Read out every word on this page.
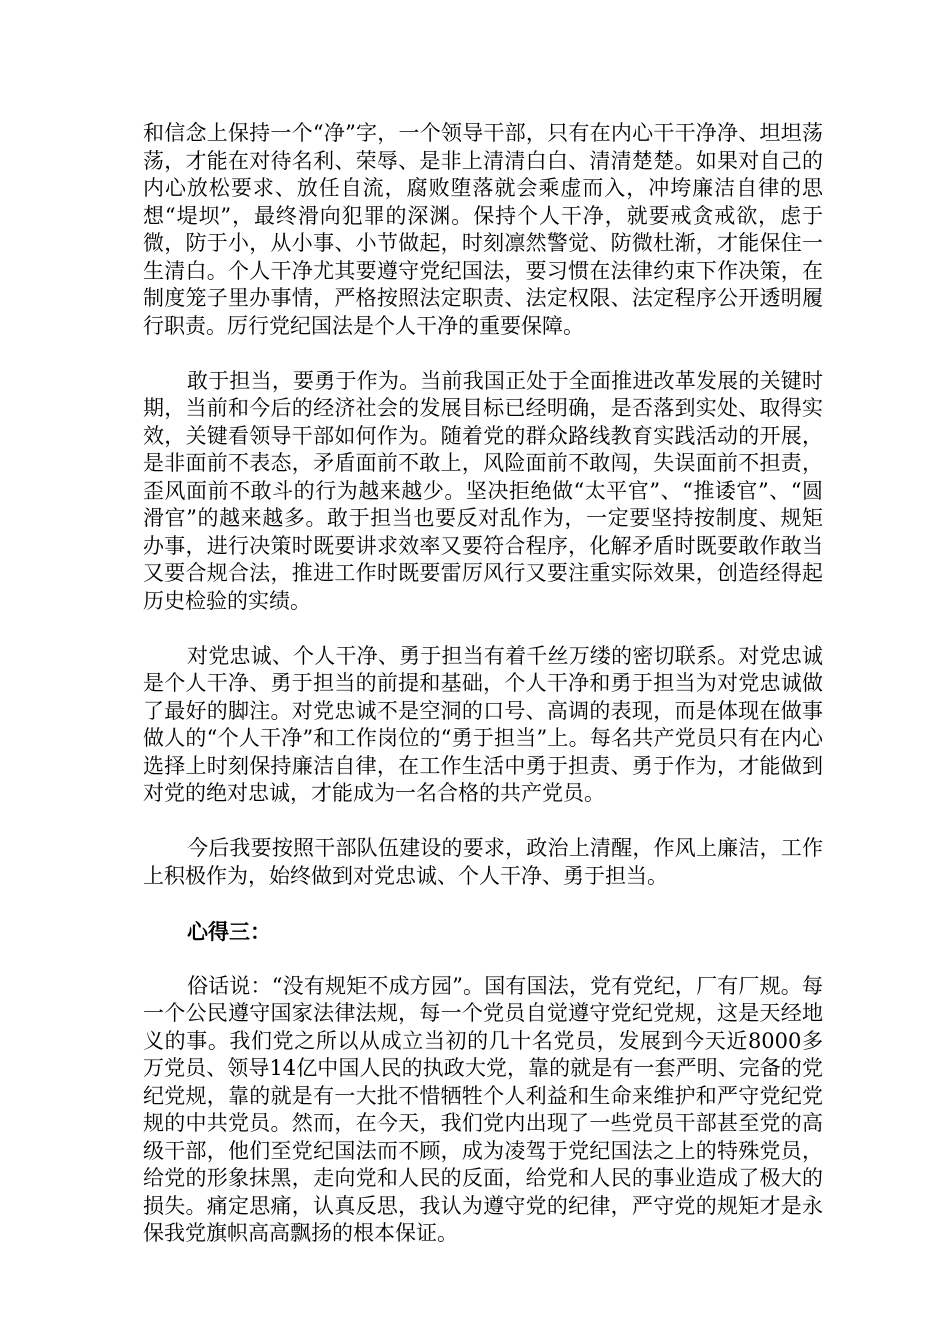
和信念上保持一个“净”字，一个领导干部，只有在内心干干净净、坦坦荡荡，才能在对待名利、荣辱、是非上清清白白、清清楚楚。如果对自己的内心放松要求、放任自流，腐败堕落就会乘虚而入，冲垮廉洁自律的思想“堤坝”，最终滑向犯罪的深渊。保持个人干净，就要戒贪戒欲，虑于微，防于小，从小事、小节做起，时刻凛然警觉、防微杜渐，才能保住一生清白。个人干净尤其要遵守党纪国法，要习惯在法律约束下作决策，在制度笼子里办事情，严格按照法定职责、法定权限、法定程序公开透明履行职责。厉行党纪国法是个人干净的重要保障。

敢于担当，要勇于作为。当前我国正处于全面推进改革发展的关键时期，当前和今后的经济社会的发展目标已经明确，是否落到实处、取得实效，关键看领导干部如何作为。随着党的群众路线教育实践活动的开展，是非面前不表态，矛盾面前不敢上，风险面前不敢闯，失误面前不担责，歪风面前不敢斗的行为越来越少。坚决拒绝做“太平官”、“推诿官”、“圆滑官”的越来越多。敢于担当也要反对乱作为，一定要坚持按制度、规矩办事，进行决策时既要讲求效率又要符合程序，化解矛盾时既要敢作敢当又要合规合法，推进工作时既要雷厉风行又要注重实际效果，创造经得起历史检验的实绩。

对党忠诚、个人干净、勇于担当有着千丝万缕的密切联系。对党忠诚是个人干净、勇于担当的前提和基础，个人干净和勇于担当为对党忠诚做了最好的脚注。对党忠诚不是空洞的口号、高调的表现，而是体现在做事做人的“个人干净”和工作岗位的“勇于担当”上。每名共产党员只有在内心选择上时刻保持廉洁自律，在工作生活中勇于担责、勇于作为，才能做到对党的绝对忠诚，才能成为一名合格的共产党员。

今后我要按照干部队伍建设的要求，政治上清醒，作风上廉洁，工作上积极作为，始终做到对党忠诚、个人干净、勇于担当。

心得三：

俗话说：“没有规矩不成方园”。国有国法，党有党纪，厂有厂规。每一个公民遵守国家法律法规，每一个党员自觉遵守党纪党规，这是天经地义的事。我们党之所以从成立当初的几十名党员，发展到今天近8000多万党员、领导14亿中国人民的执政大党，靠的就是有一套严明、完备的党纪党规，靠的就是有一大批不惜牺牲个人利益和生命来维护和严守党纪党规的中共党员。然而，在今天，我们党内出现了一些党员干部甚至党的高级干部，他们至党纪国法而不顾，成为凌驾于党纪国法之上的特殊党员，给党的形象抹黑，走向党和人民的反面，给党和人民的事业造成了极大的损失。痛定思痛，认真反思，我认为遵守党的纪律，严守党的规矩才是永保我党旗帜高高飘扬的根本保证。
